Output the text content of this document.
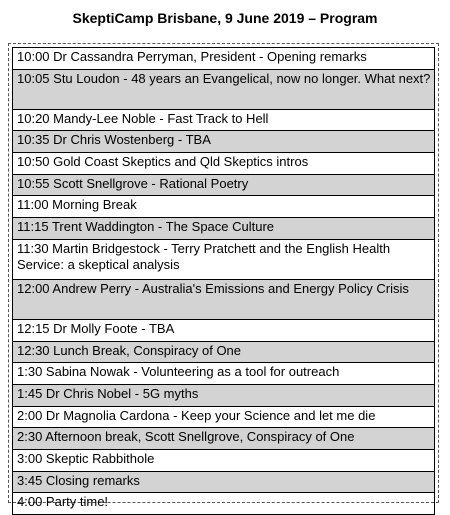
SkeptiCamp Brisbane, 9 June 2019 – Program
10:00 Dr Cassandra Perryman, President - Opening remarks
10:05 Stu Loudon - 48 years an Evangelical, now no longer. What next?
10:20 Mandy-Lee Noble - Fast Track to Hell
10:35 Dr Chris Wostenberg - TBA
10:50 Gold Coast Skeptics and Qld Skeptics intros
10:55 Scott Snellgrove - Rational Poetry
11:00 Morning Break
11:15 Trent Waddington - The Space Culture
11:30 Martin Bridgestock - Terry Pratchett and the English Health Service: a skeptical analysis
12:00 Andrew Perry - Australia's Emissions and Energy Policy Crisis
12:15 Dr Molly Foote - TBA
12:30 Lunch Break, Conspiracy of One
1:30 Sabina Nowak - Volunteering as a tool for outreach
1:45 Dr Chris Nobel - 5G myths
2:00 Dr Magnolia Cardona - Keep your Science and let me die
2:30 Afternoon break, Scott Snellgrove, Conspiracy of One
3:00 Skeptic Rabbithole
3:45 Closing remarks
4:00 Party time!
